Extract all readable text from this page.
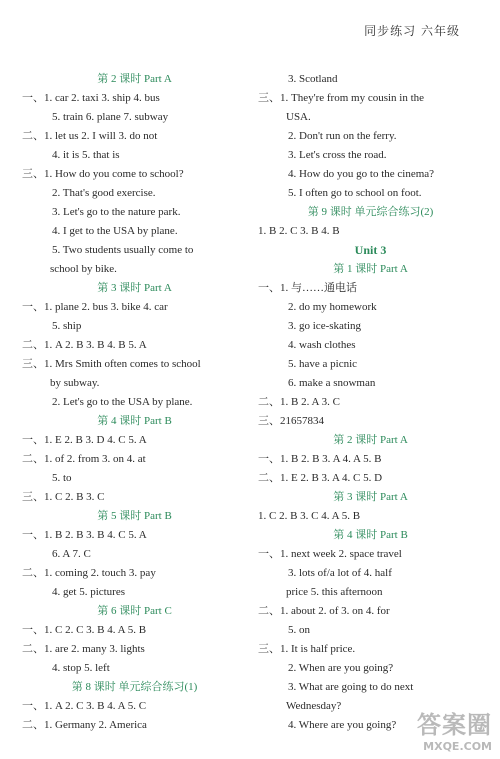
同步练习 六年级
第 2 课时 Part A
一、1. car 2. taxi 3. ship 4. bus
5. train 6. plane 7. subway
二、1. let us 2. I will 3. do not
4. it is 5. that is
三、1. How do you come to school?
2. That's good exercise.
3. Let's go to the nature park.
4. I get to the USA by plane.
5. Two students usually come to
school by bike.
第 3 课时 Part A
一、1. plane 2. bus 3. bike 4. car
5. ship
二、1. A 2. B 3. B 4. B 5. A
三、1. Mrs Smith often comes to school
by subway.
2. Let's go to the USA by plane.
第 4 课时 Part B
一、1. E 2. B 3. D 4. C 5. A
二、1. of 2. from 3. on 4. at
5. to
三、1. C 2. B 3. C
第 5 课时 Part B
一、1. B 2. B 3. B 4. C 5. A
6. A 7. C
二、1. coming 2. touch 3. pay
4. get 5. pictures
第 6 课时 Part C
一、1. C 2. C 3. B 4. A 5. B
二、1. are 2. many 3. lights
4. stop 5. left
第 8 课时 单元综合练习(1)
一、1. A 2. C 3. B 4. A 5. C
二、1. Germany 2. America
3. Scotland
三、1. They're from my cousin in the
USA.
2. Don't run on the ferry.
3. Let's cross the road.
4. How do you go to the cinema?
5. I often go to school on foot.
第 9 课时 单元综合练习(2)
1. B 2. C 3. B 4. B
Unit 3
第 1 课时 Part A
一、1. 与……通电话
2. do my homework
3. go ice-skating
4. wash clothes
5. have a picnic
6. make a snowman
二、1. B 2. A 3. C
三、21657834
第 2 课时 Part A
一、1. B 2. B 3. A 4. A 5. B
二、1. E 2. B 3. A 4. C 5. D
第 3 课时 Part A
1. C 2. B 3. C 4. A 5. B
第 4 课时 Part B
一、1. next week 2. space travel
3. lots of/a lot of 4. half
price 5. this afternoon
二、1. about 2. of 3. on 4. for
5. on
三、1. It is half price.
2. When are you going?
3. What are going to do next
Wednesday?
4. Where are you going? 答案圈
MXQE.COM
